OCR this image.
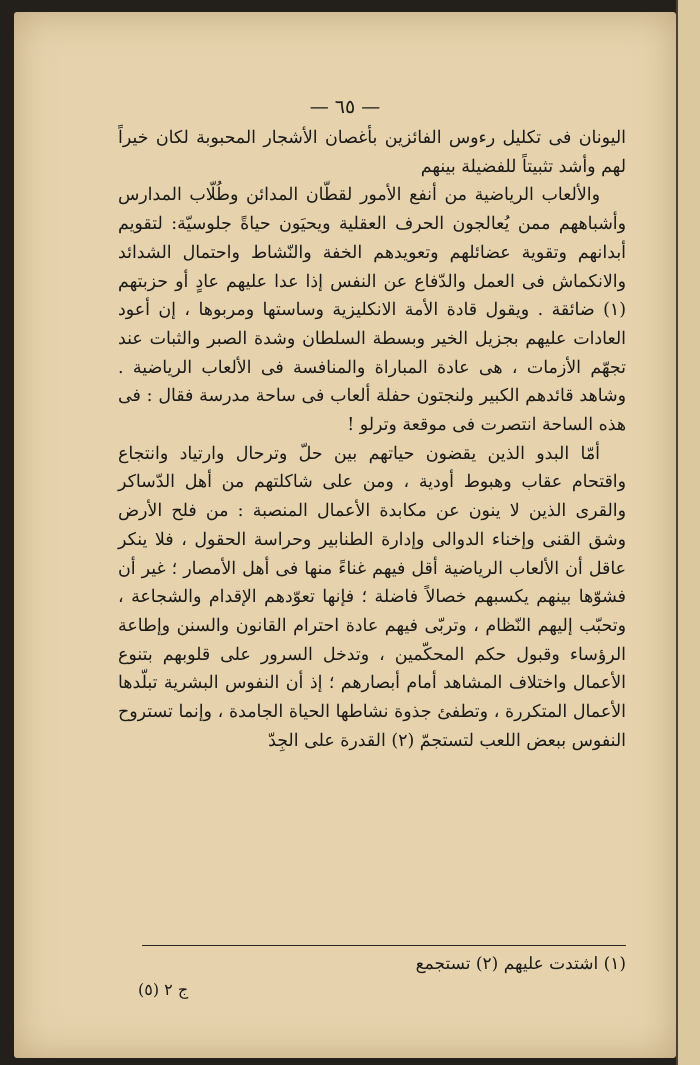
— ٦٥ —

اليونان فى تكليل رءوس الفائزين بأغصان الأشجار المحبوبة لكان خيراً لهم وأشد تثبيتاً للفضيلة بينهم

والألعاب الرياضية من أنفع الأمور لقطّان المدائن وطُلّاب المدارس وأشباههم ممن يُعالجون الحرف العقلية ويحيَون حياةً جلوسيّة: لتقويم أبدانهم وتقوية عضائلهم وتعويدهم الخفة والنّشاط واحتمال الشدائد والانكماش فى العمل والدّفاع عن النفس إذا عدا عليهم عادٍ أو حزبتهم (١) ضائقة . ويقول قادة الأمة الانكليزية وساستها ومربوها ، إن أعود العادات عليهم بجزيل الخير وبسطة السلطان وشدة الصبر والثبات عند تجهّم الأزمات ، هى عادة المباراة والمنافسة فى الألعاب الرياضية . وشاهد قائدهم الكبير ولنجتون حفلة ألعاب فى ساحة مدرسة فقال : فى هذه الساحة انتصرت فى موقعة وترلو !

أمّا البدو الذين يقضون حياتهم بين حلّ وترحال وارتياد وانتجاع واقتحام عقاب وهبوط أودية ، ومن على شاكلتهم من أهل الدّساكر والقرى الذين لا ينون عن مكابدة الأعمال المنصبة : من فلح الأرض وشق القنى وإخناء الدوالى وإدارة الطنابير وحراسة الحقول ، فلا ينكر عاقل أن الألعاب الرياضية أقل فيهم غناءً منها فى أهل الأمصار ؛ غير أن فشوّها بينهم يكسبهم خصالاً فاضلة ؛ فإنها تعوّدهم الإقدام والشجاعة ، وتحبّب إليهم النّظام ، وتربّى فيهم عادة احترام القانون والسنن وإطاعة الرؤساء وقبول حكم المحكّمين ، وتدخل السرور على قلوبهم بتنوع الأعمال واختلاف المشاهد أمام أبصارهم ؛ إذ أن النفوس البشرية تبلّدها الأعمال المتكررة ، وتطفئ جذوة نشاطها الحياة الجامدة ، وإنما تستروح النفوس ببعض اللعب لتستجمّ (٢) القدرة على الجِدّ

(١) اشتدت عليهم (٢) تستجمع
ج ٢ (٥)
